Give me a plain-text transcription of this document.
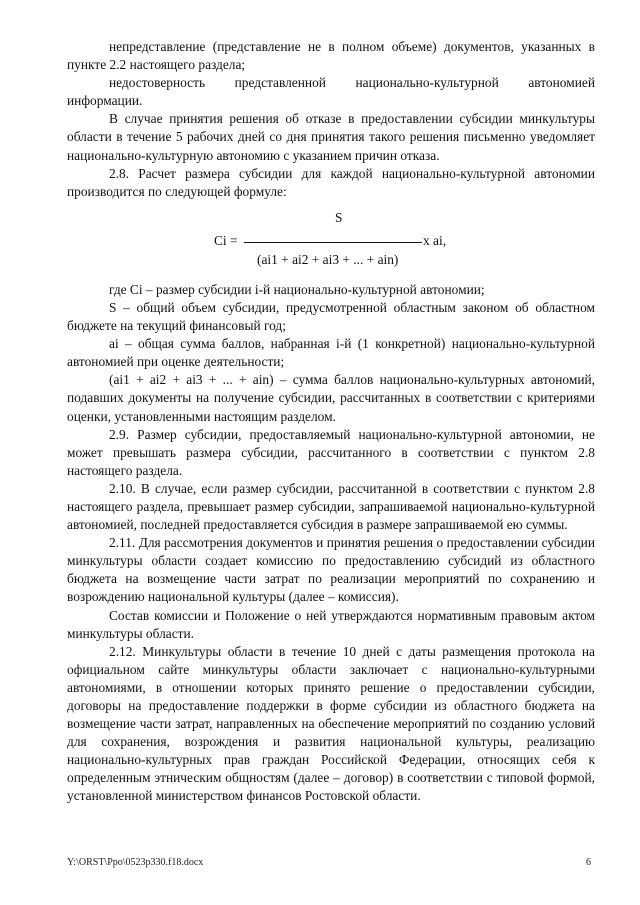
непредставление (представление не в полном объеме) документов, указанных в пункте 2.2 настоящего раздела;

недостоверность представленной национально-культурной автономией информации.

В случае принятия решения об отказе в предоставлении субсидии минкультуры области в течение 5 рабочих дней со дня принятия такого решения письменно уведомляет национально-культурную автономию с указанием причин отказа.

2.8. Расчет размера субсидии для каждой национально-культурной автономии производится по следующей формуле:

S
Ci =	x ai,
(ai1 + ai2 + ai3 + ... + ain)

где Ci – размер субсидии i-й национально-культурной автономии;

S – общий объем субсидии, предусмотренной областным законом об областном бюджете на текущий финансовый год;

ai – общая сумма баллов, набранная i-й (1 конкретной) национально-культурной автономией при оценке деятельности;

(ai1 + ai2 + ai3 + ... + ain) – сумма баллов национально-культурных автономий, подавших документы на получение субсидии, рассчитанных в соответствии с критериями оценки, установленными настоящим разделом.

2.9. Размер субсидии, предоставляемый национально-культурной автономии, не может превышать размера субсидии, рассчитанного в соответствии с пунктом 2.8 настоящего раздела.

2.10. В случае, если размер субсидии, рассчитанной в соответствии с пунктом 2.8 настоящего раздела, превышает размер субсидии, запрашиваемой национально-культурной автономией, последней предоставляется субсидия в размере запрашиваемой ею суммы.

2.11. Для рассмотрения документов и принятия решения о предоставлении субсидии минкультуры области создает комиссию по предоставлению субсидий из областного бюджета на возмещение части затрат по реализации мероприятий по сохранению и возрождению национальной культуры (далее – комиссия).

Состав комиссии и Положение о ней утверждаются нормативным правовым актом минкультуры области.

2.12. Минкультуры области в течение 10 дней с даты размещения протокола на официальном сайте минкультуры области заключает с национально-культурными автономиями, в отношении которых принято решение о предоставлении субсидии, договоры на предоставление поддержки в форме субсидии из областного бюджета на возмещение части затрат, направленных на обеспечение мероприятий по созданию условий для сохранения, возрождения и развития национальной культуры, реализацию национально-культурных прав граждан Российской Федерации, относящих себя к определенным этническим общностям (далее – договор) в соответствии с типовой формой, установленной министерством финансов Ростовской области.

Y:\ORST\Ppo\0523p330.f18.docx	6
